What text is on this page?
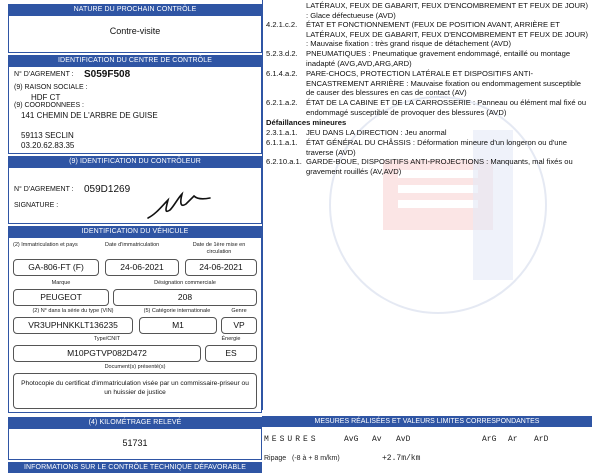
NATURE DU PROCHAIN CONTRÔLE
Contre-visite
IDENTIFICATION DU CENTRE DE CONTRÔLE
N° D'AGREMENT : S059F508
(9) RAISON SOCIALE :
HDF CT
(9) COORDONNEES :
141 CHEMIN DE L'ARBRE DE GUISE
59113 SECLIN
03.20.62.83.35
(9) IDENTIFICATION DU CONTRÔLEUR
N° D'AGREMENT : 059D1269
SIGNATURE :
IDENTIFICATION DU VÉHICULE
(2) Immatriculation et pays	Date d'immatriculation	Date de 1ère mise en circulation
GA-806-FT (F)	24-06-2021	24-06-2021
Marque	Désignation commerciale
PEUGEOT	208
(2) N° dans la série du type (VIN)	(5) Catégorie internationale	Genre
VR3UPHNKKLT136235	M1	VP
Type/CNIT	Énergie
M10PGTVP082D472	ES
Document(s) présenté(s)
Photocopie du certificat d'immatriculation visée par un commissaire-priseur ou un huissier de justice
(4) KILOMÉTRAGE RELEVÉ
51731
INFORMATIONS SUR LE CONTRÔLE TECHNIQUE DÉFAVORABLE
LATÉRAUX, FEUX DE GABARIT, FEUX D'ENCOMBREMENT ET FEUX DE JOUR) : Glace défectueuse (AVD)
4.2.1.c.2. ÉTAT ET FONCTIONNEMENT (FEUX DE POSITION AVANT, ARRIÈRE ET LATÉRAUX, FEUX DE GABARIT, FEUX D'ENCOMBREMENT ET FEUX DE JOUR) : Mauvaise fixation : très grand risque de détachement (AVD)
5.2.3.d.2. PNEUMATIQUES : Pneumatique gravement endommagé, entaillé ou montage inadapté (AVG,AVD,ARG,ARD)
6.1.4.a.2. PARE-CHOCS, PROTECTION LATÉRALE ET DISPOSITIFS ANTI-ENCASTREMENT ARRIÈRE : Mauvaise fixation ou endommagement susceptible de causer des blessures en cas de contact (AV)
6.2.1.a.2. ÉTAT DE LA CABINE ET DE LA CARROSSERIE : Panneau ou élément mal fixé ou endommagé susceptible de provoquer des blessures (AVD)
Défaillances mineures
2.3.1.a.1. JEU DANS LA DIRECTION : Jeu anormal
6.1.1.a.1. ÉTAT GÉNÉRAL DU CHÂSSIS : Déformation mineure d'un longeron ou d'une traverse (AVD)
6.2.10.a.1. GARDE-BOUE, DISPOSITIFS ANTI-PROJECTIONS : Manquants, mal fixés ou gravement rouillés (AV,AVD)
MESURES RÉALISÉES ET VALEURS LIMITES CORRESPONDANTES
MESURES	AvG Av AvD	ArG Ar ArD
Ripage (-8 à + 8 m/km)	+2.7m/km
